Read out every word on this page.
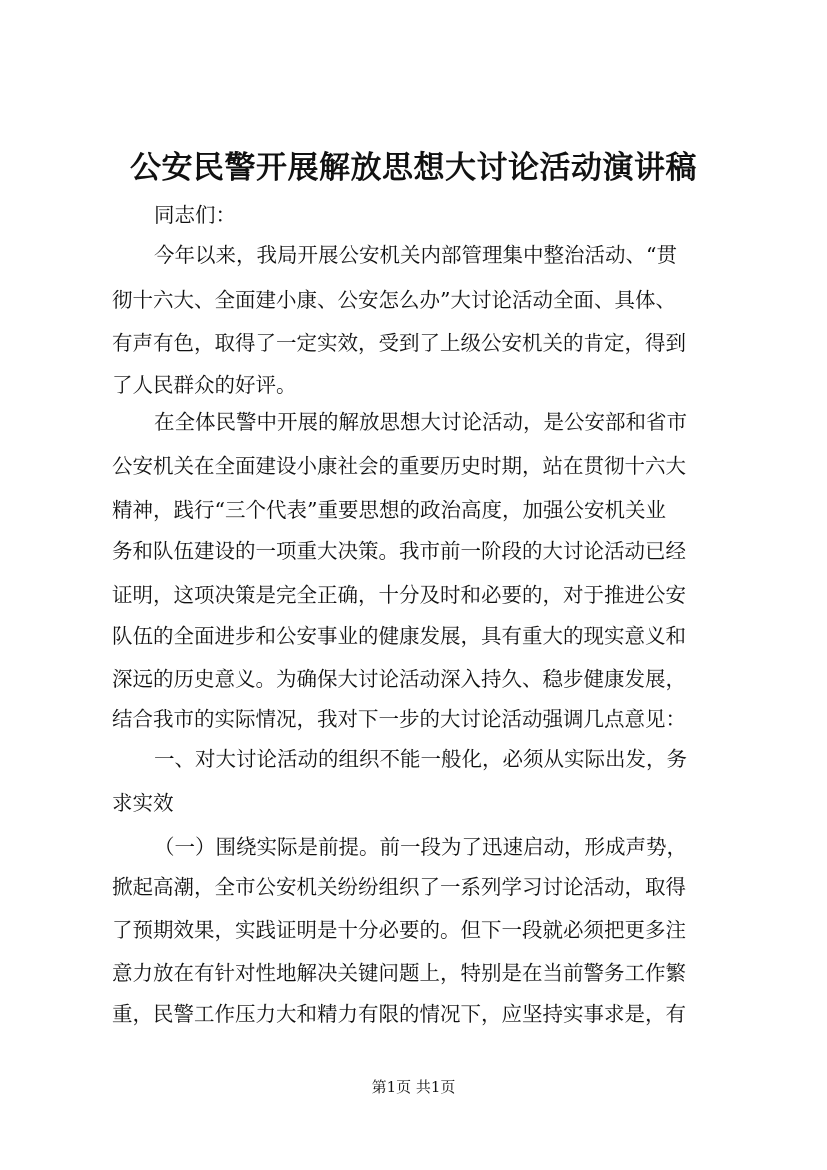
公安民警开展解放思想大讨论活动演讲稿
同志们：
今年以来，我局开展公安机关内部管理集中整治活动、“贯
彻十六大、全面建小康、公安怎么办”大讨论活动全面、具体、
有声有色，取得了一定实效，受到了上级公安机关的肯定，得到
了人民群众的好评。
在全体民警中开展的解放思想大讨论活动，是公安部和省市
公安机关在全面建设小康社会的重要历史时期，站在贯彻十六大
精神，践行“三个代表”重要思想的政治高度，加强公安机关业
务和队伍建设的一项重大决策。我市前一阶段的大讨论活动已经
证明，这项决策是完全正确，十分及时和必要的，对于推进公安
队伍的全面进步和公安事业的健康发展，具有重大的现实意义和
深远的历史意义。为确保大讨论活动深入持久、稳步健康发展，
结合我市的实际情况，我对下一步的大讨论活动强调几点意见：
一、对大讨论活动的组织不能一般化，必须从实际出发，务
求实效
（一）围绕实际是前提。前一段为了迅速启动，形成声势，
掀起高潮，全市公安机关纷纷组织了一系列学习讨论活动，取得
了预期效果，实践证明是十分必要的。但下一段就必须把更多注
意力放在有针对性地解决关键问题上，特别是在当前警务工作繁
重，民警工作压力大和精力有限的情况下，应坚持实事求是，有
第1页 共1页
